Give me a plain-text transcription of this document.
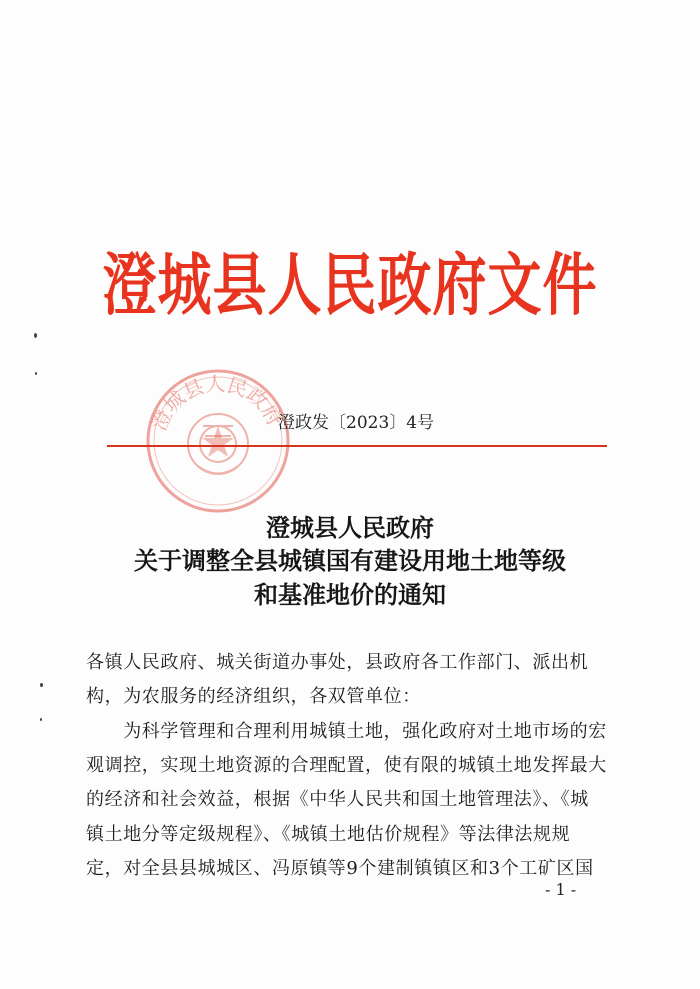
澄城县人民政府文件
澄城县人民政府
澄政发〔2023〕4号
澄城县人民政府
关于调整全县城镇国有建设用地土地等级
和基准地价的通知
各镇人民政府、城关街道办事处，县政府各工作部门、派出机
构，为农服务的经济组织，各双管单位：
　　为科学管理和合理利用城镇土地，强化政府对土地市场的宏
观调控，实现土地资源的合理配置，使有限的城镇土地发挥最大
的经济和社会效益，根据《中华人民共和国土地管理法》、《城
镇土地分等定级规程》、《城镇土地估价规程》等法律法规规
定，对全县县城城区、冯原镇等9个建制镇镇区和3个工矿区国
- 1 -
